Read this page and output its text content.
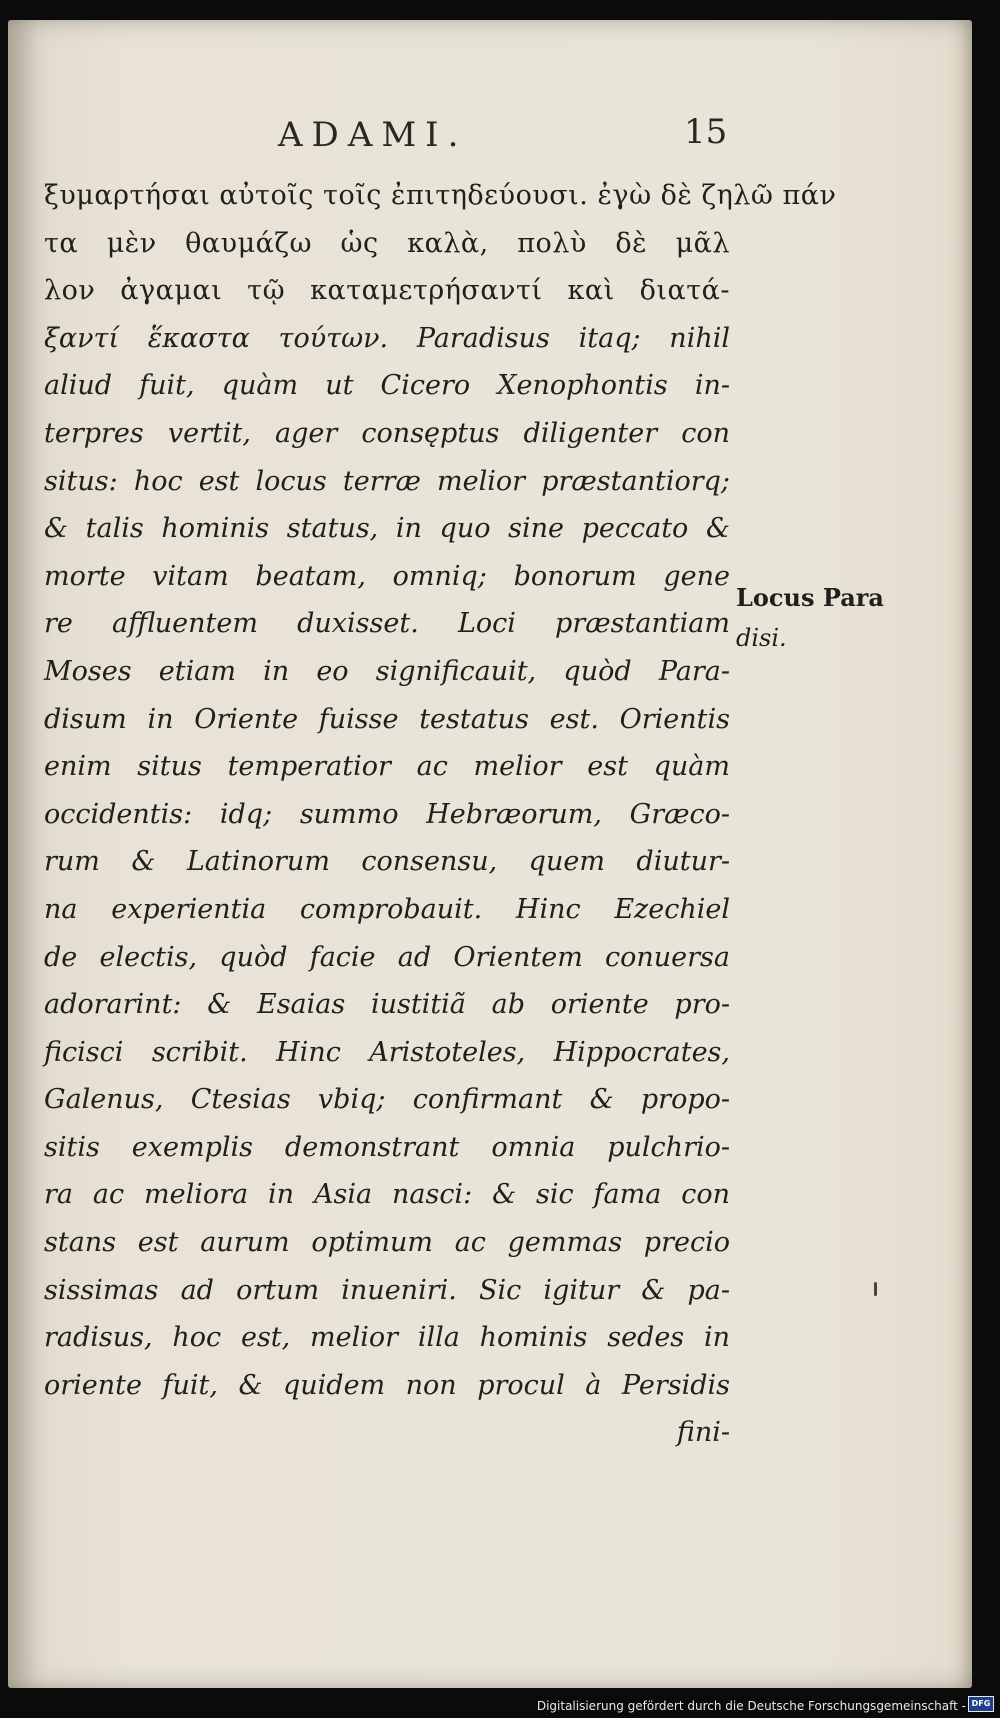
ADAMI.	15
ξυμαρτήσαι αὐτοῖς τοῖς ἐπιτηδεύουσι. ἐγὼ δὲ ζηλῶ πάν
τα μὲν θαυμάζω ὡς καλὰ, πολὺ δὲ μᾶλ
λον ἀγαμαι τῷ καταμετρήσαντί καὶ διατά-
ξαντί ἕκαστα τούτων. Paradisus itaq; nihil
aliud fuit, quàm ut Cicero Xenophontis in-
terpres vertit, ager consęptus diligenter con
situs: hoc est locus terræ melior præstantiorq;
& talis hominis status, in quo sine peccato &
morte vitam beatam, omniq; bonorum gene
re affluentem duxisset. Loci præstantiam
Moses etiam in eo significauit, quòd Para-
disum in Oriente fuisse testatus est. Orientis
enim situs temperatior ac melior est quàm
occidentis: idq; summo Hebræorum, Græco-
rum & Latinorum consensu, quem diutur-
na experientia comprobauit. Hinc Ezechiel
de electis, quòd facie ad Orientem conuersa
adorarint: & Esaias iustitiã ab oriente pro-
ficisci scribit. Hinc Aristoteles, Hippocrates,
Galenus, Ctesias vbiq; confirmant & propo-
sitis exemplis demonstrant omnia pulchrio-
ra ac meliora in Asia nasci: & sic fama con
stans est aurum optimum ac gemmas precio
sissimas ad ortum inueniri. Sic igitur & pa-
radisus, hoc est, melior illa hominis sedes in
oriente fuit, & quidem non procul à Persidis
fini-
Locus Para
disi.
Digitalisierung gefördert durch die Deutsche Forschungsgemeinschaft - DFG
